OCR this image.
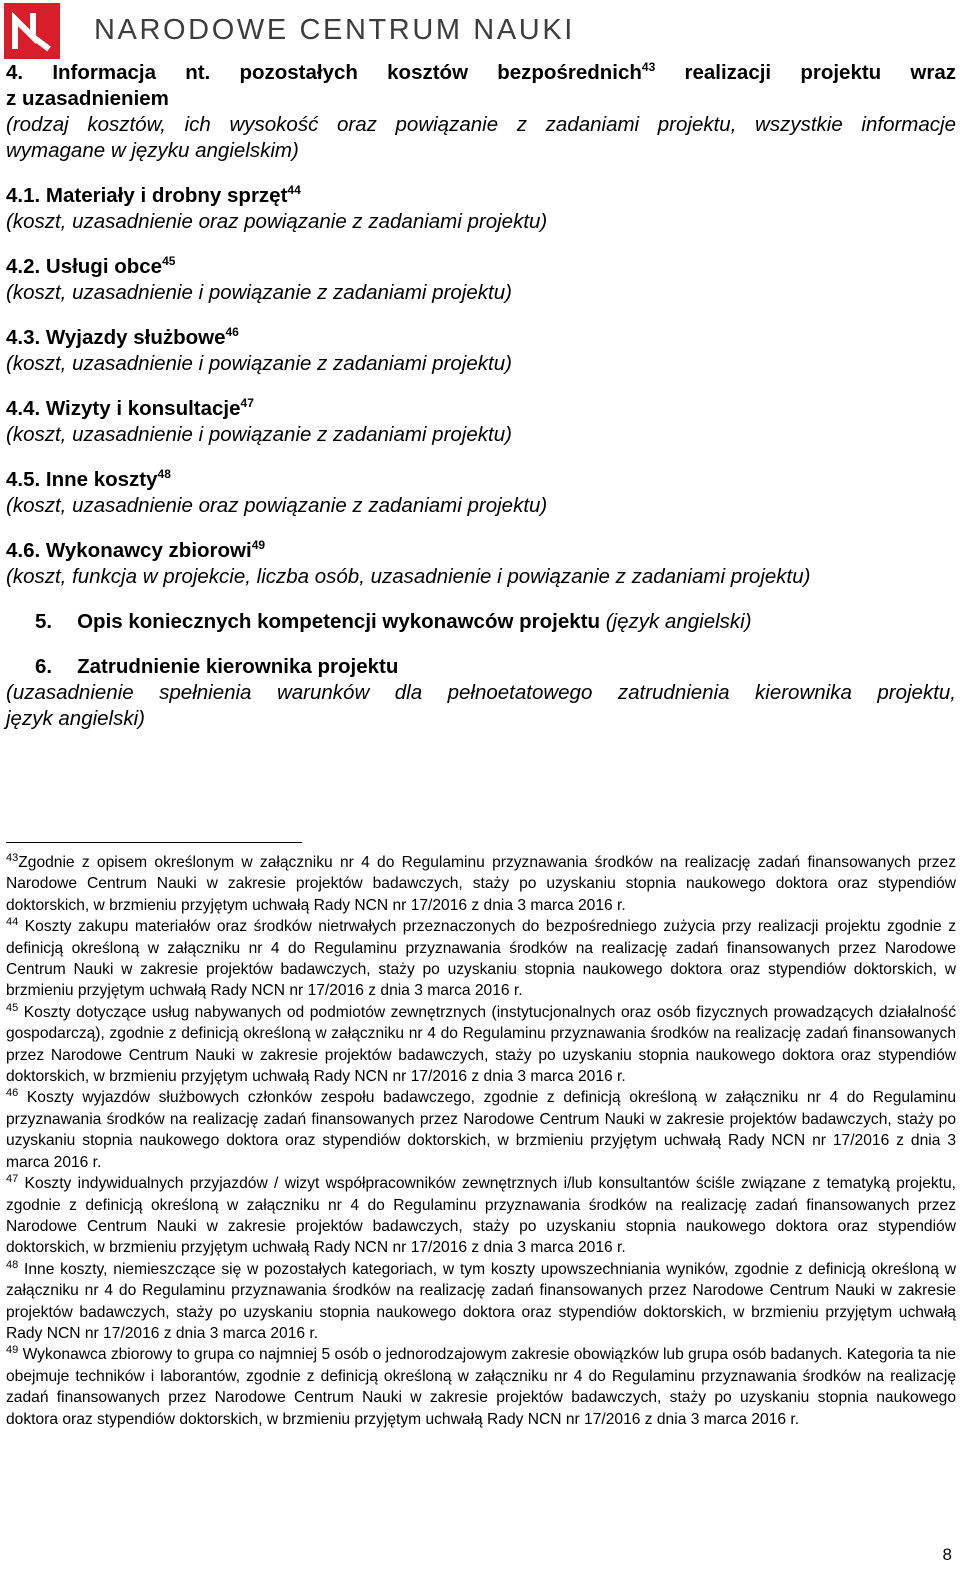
NARODOWE CENTRUM NAUKI
4. Informacja nt. pozostałych kosztów bezpośrednich$^{43}$ realizacji projektu wraz
z uzasadnieniem
(rodzaj kosztów, ich wysokość oraz powiązanie z zadaniami projektu, wszystkie informacje
wymagane w języku angielskim)
4.1. Materiały i drobny sprzęt$^{44}$
(koszt, uzasadnienie oraz powiązanie z zadaniami projektu)
4.2. Usługi obce$^{45}$
(koszt, uzasadnienie i powiązanie z zadaniami projektu)
4.3. Wyjazdy służbowe$^{46}$
(koszt, uzasadnienie i powiązanie z zadaniami projektu)
4.4. Wizyty i konsultacje$^{47}$
(koszt, uzasadnienie i powiązanie z zadaniami projektu)
4.5. Inne koszty$^{48}$
(koszt, uzasadnienie oraz powiązanie z zadaniami projektu)
4.6. Wykonawcy zbiorowi$^{49}$
(koszt, funkcja w projekcie, liczba osób, uzasadnienie i powiązanie z zadaniami projektu)
5. Opis koniecznych kompetencji wykonawców projektu (język angielski)
6. Zatrudnienie kierownika projektu
(uzasadnienie spełnienia warunków dla pełnoetatowego zatrudnienia kierownika projektu,
język angielski)
$^{43}$Zgodnie z opisem określonym w załączniku nr 4 do Regulaminu przyznawania środków na realizację zadań finansowanych przez Narodowe Centrum Nauki w zakresie projektów badawczych, staży po uzyskaniu stopnia naukowego doktora oraz stypendiów doktorskich, w brzmieniu przyjętym uchwałą Rady NCN nr 17/2016 z dnia 3 marca 2016 r.
$^{44}$ Koszty zakupu materiałów oraz środków nietrwałych przeznaczonych do bezpośredniego zużycia przy realizacji projektu zgodnie z definicją określoną w załączniku nr 4 do Regulaminu przyznawania środków na realizację zadań finansowanych przez Narodowe Centrum Nauki w zakresie projektów badawczych, staży po uzyskaniu stopnia naukowego doktora oraz stypendiów doktorskich, w brzmieniu przyjętym uchwałą Rady NCN nr 17/2016 z dnia 3 marca 2016 r.
$^{45}$ Koszty dotyczące usług nabywanych od podmiotów zewnętrznych (instytucjonalnych oraz osób fizycznych prowadzących działalność gospodarczą), zgodnie z definicją określoną w załączniku nr 4 do Regulaminu przyznawania środków na realizację zadań finansowanych przez Narodowe Centrum Nauki w zakresie projektów badawczych, staży po uzyskaniu stopnia naukowego doktora oraz stypendiów doktorskich, w brzmieniu przyjętym uchwałą Rady NCN nr 17/2016 z dnia 3 marca 2016 r.
$^{46}$ Koszty wyjazdów służbowych członków zespołu badawczego, zgodnie z definicją określoną w załączniku nr 4 do Regulaminu przyznawania środków na realizację zadań finansowanych przez Narodowe Centrum Nauki w zakresie projektów badawczych, staży po uzyskaniu stopnia naukowego doktora oraz stypendiów doktorskich, w brzmieniu przyjętym uchwałą Rady NCN nr 17/2016 z dnia 3 marca 2016 r.
$^{47}$ Koszty indywidualnych przyjazdów / wizyt współpracowników zewnętrznych i/lub konsultantów ściśle związane z tematyką projektu, zgodnie z definicją określoną w załączniku nr 4 do Regulaminu przyznawania środków na realizację zadań finansowanych przez Narodowe Centrum Nauki w zakresie projektów badawczych, staży po uzyskaniu stopnia naukowego doktora oraz stypendiów doktorskich, w brzmieniu przyjętym uchwałą Rady NCN nr 17/2016 z dnia 3 marca 2016 r.
$^{48}$ Inne koszty, niemieszczące się w pozostałych kategoriach, w tym koszty upowszechniania wyników, zgodnie z definicją określoną w załączniku nr 4 do Regulaminu przyznawania środków na realizację zadań finansowanych przez Narodowe Centrum Nauki w zakresie projektów badawczych, staży po uzyskaniu stopnia naukowego doktora oraz stypendiów doktorskich, w brzmieniu przyjętym uchwałą Rady NCN nr 17/2016 z dnia 3 marca 2016 r.
$^{49}$ Wykonawca zbiorowy to grupa co najmniej 5 osób o jednorodzajowym zakresie obowiązków lub grupa osób badanych. Kategoria ta nie obejmuje techników i laborantów, zgodnie z definicją określoną w załączniku nr 4 do Regulaminu przyznawania środków na realizację zadań finansowanych przez Narodowe Centrum Nauki w zakresie projektów badawczych, staży po uzyskaniu stopnia naukowego doktora oraz stypendiów doktorskich, w brzmieniu przyjętym uchwałą Rady NCN nr 17/2016 z dnia 3 marca 2016 r.
8
